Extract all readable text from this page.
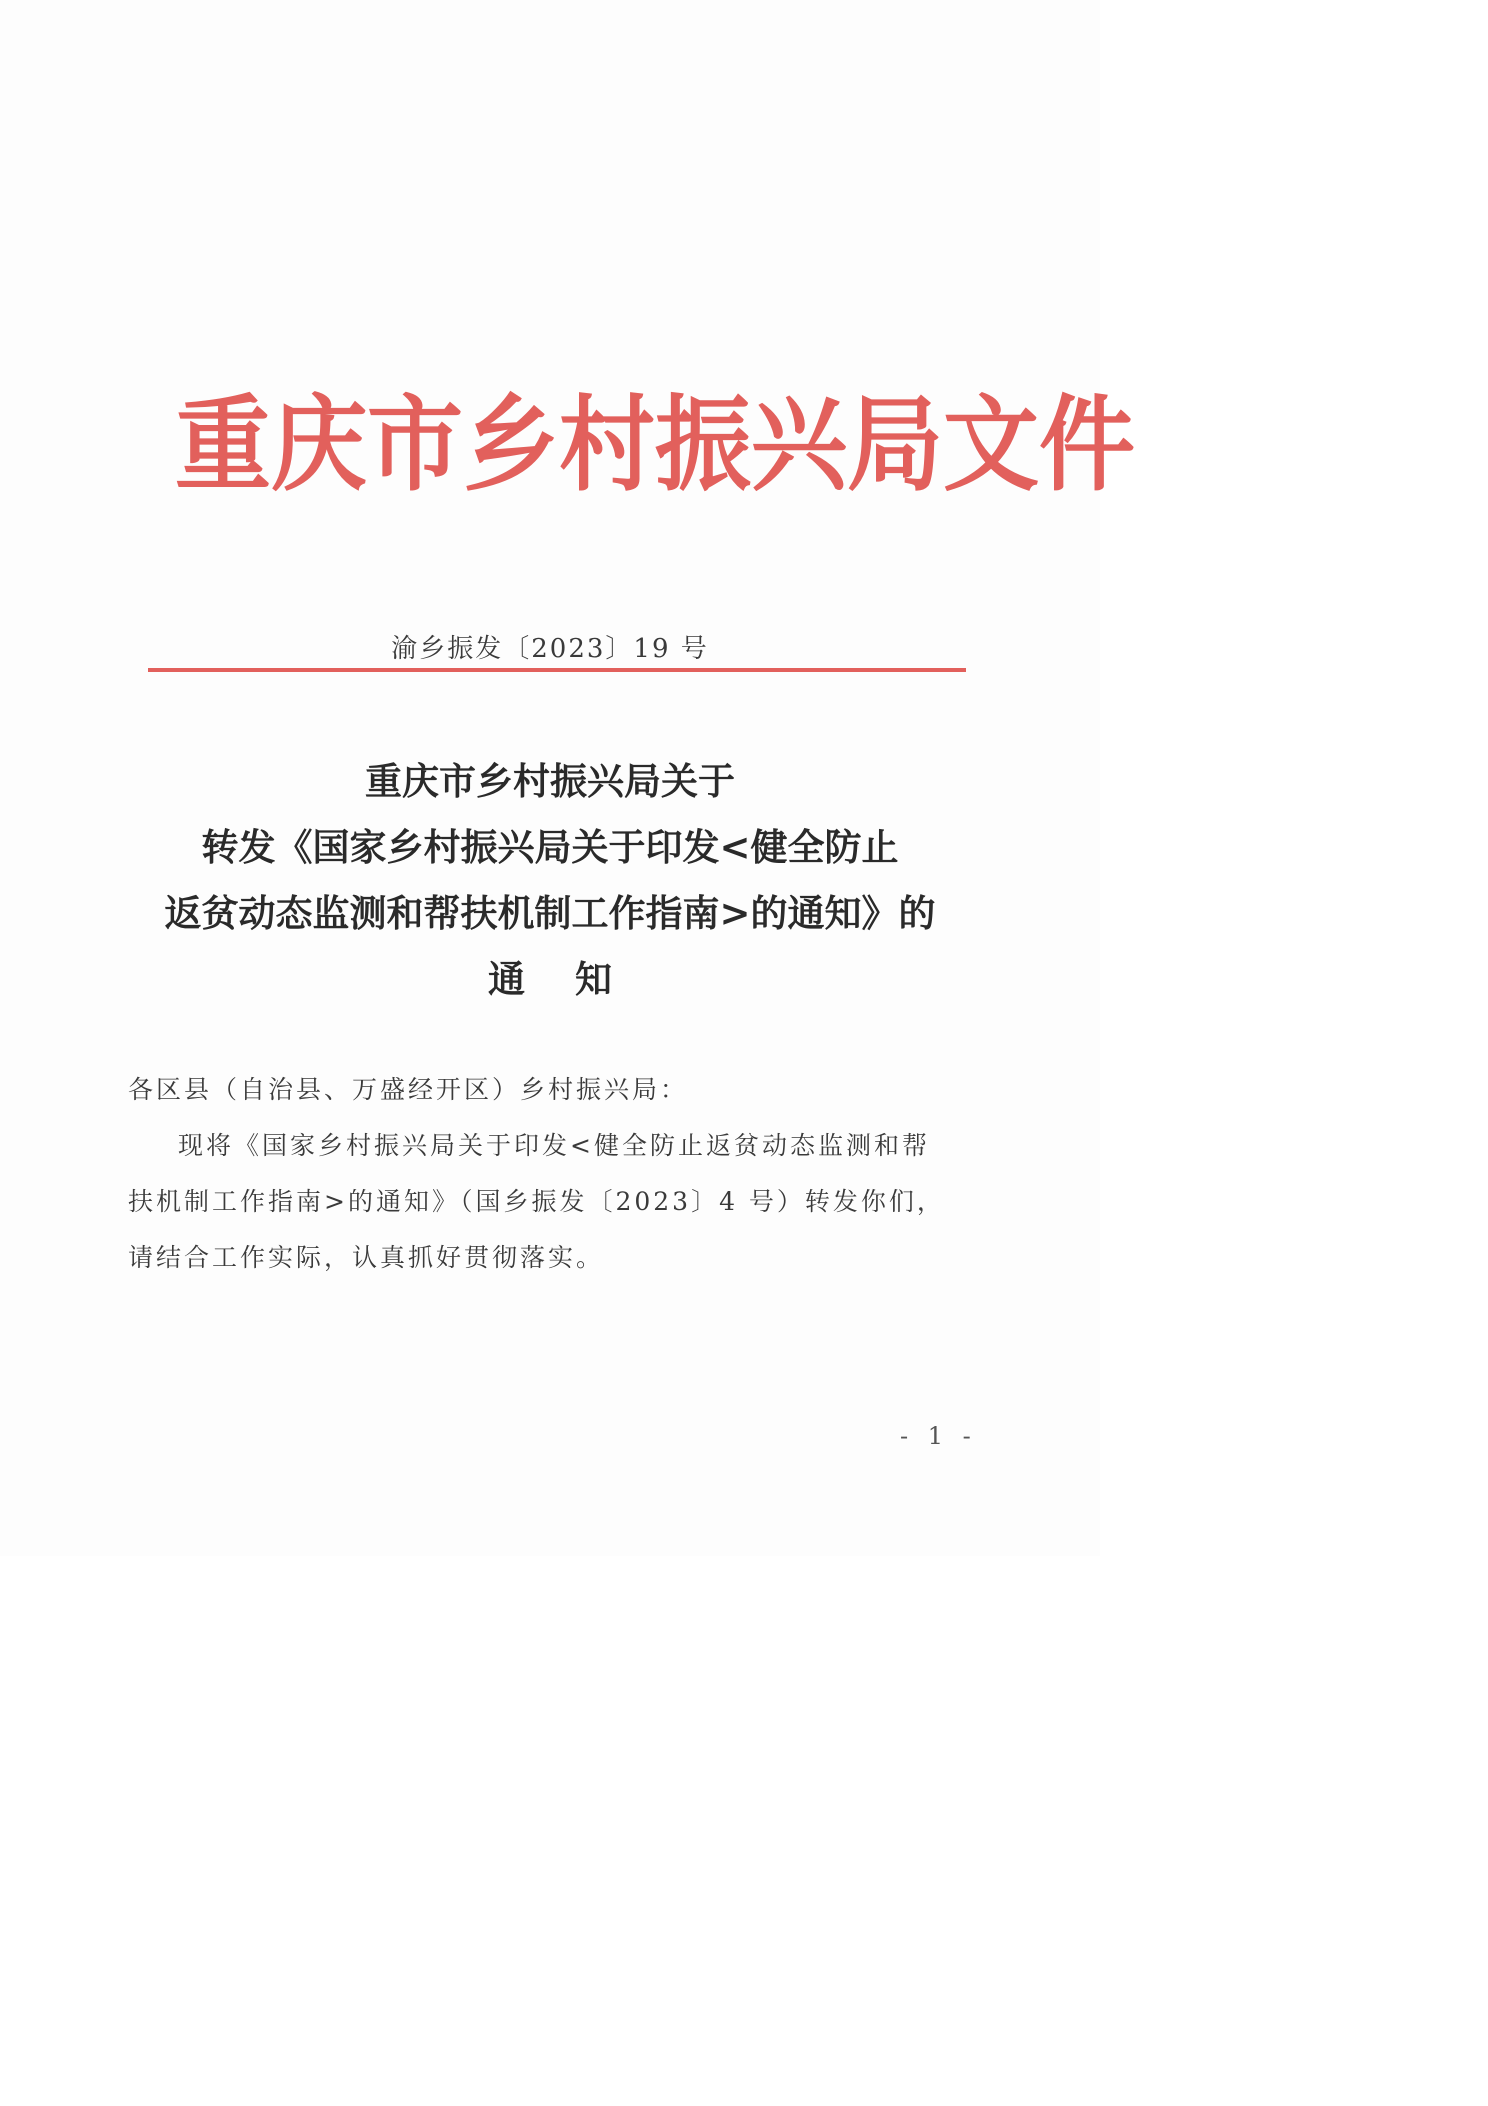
重 庆 市 乡 村 振 兴 局 文 件
渝乡振发〔2023〕19 号
重庆市乡村振兴局关于
转发《国家乡村振兴局关于印发<健全防止
返贫动态监测和帮扶机制工作指南>的通知》的
通知

各区县（自治县、万盛经开区）乡村振兴局：

现将《国家乡村振兴局关于印发<健全防止返贫动态监测和帮扶机制工作指南>的通知》（国乡振发〔2023〕4 号）转发你们，请结合工作实际，认真抓好贯彻落实。

- 1 -
